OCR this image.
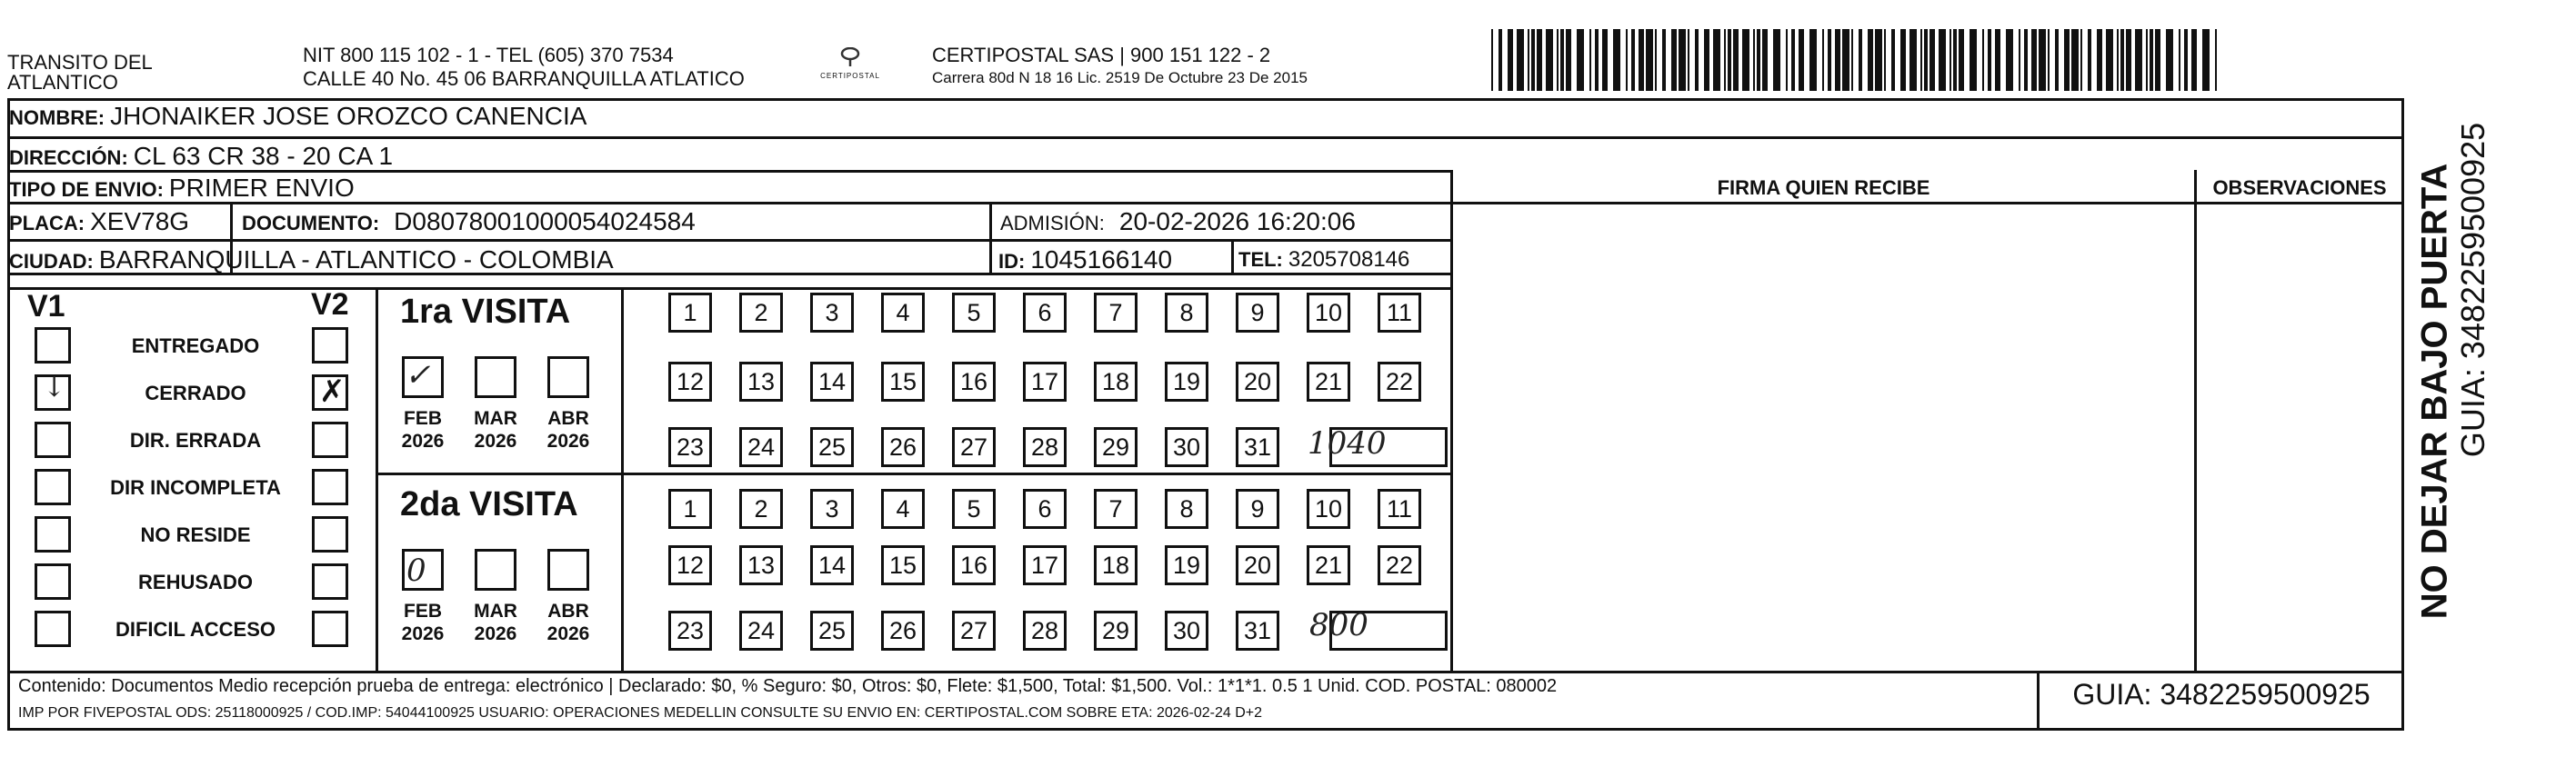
TRANSITO DEL ATLANTICO
NIT 800 115 102 - 1 - TEL (605) 370 7534
CALLE 40 No. 45 06 BARRANQUILLA ATLATICO	CERTIPOSTAL
CERTIPOSTAL SAS | 900 151 122 - 2
Carrera 80d N 18 16 Lic. 2519 De Octubre 23 De 2015
NOMBRE: JHONAIKER JOSE OROZCO CANENCIA
DIRECCIÓN: CL 63 CR 38 - 20 CA 1
TIPO DE ENVIO: PRIMER ENVIO
PLACA: XEV78G	DOCUMENTO: D080780010000540245​84	ADMISIÓN: 20-02-2026 16:20:06
CIUDAD: BARRANQUILLA - ATLANTICO - COLOMBIA	ID: 1045166140	TEL: 3205708146
FIRMA QUIEN RECIBE	OBSERVACIONES
V1	V2
ENTREGADO
↓	CERRADO	✗
DIR. ERRADA
DIR INCOMPLETA
NO RESIDE
REHUSADO
DIFICIL ACCESO
1ra VISITA
2da VISITA
FEB
2026
MAR
2026
ABR
2026
1	2	3	4	5	6	7	8	9	10	11
12	13	14	15	16	17	18	19	20	21	22
23	24	25	26	27	28	29	30	31
FEB
2026
MAR
2026
ABR
2026
1	2	3	4	5	6	7	8	9	10	11
12	13	14	15	16	17	18	19	20	21	22
23	24	25	26	27	28	29	30	31
✓
0
1040
800
Contenido: Documentos Medio recepción prueba de entrega: electrónico | Declarado: $0, % Seguro: $0, Otros: $0, Flete: $1,500, Total: $1,500. Vol.: 1*1*1. 0.5 1 Unid. COD. POSTAL: 080002
IMP POR FIVEPOSTAL ODS: 25118000925 / COD.IMP: 54044100925 USUARIO: OPERACIONES MEDELLIN CONSULTE SU ENVIO EN: CERTIPOSTAL.COM SOBRE ETA: 2026-02-24 D+2
GUIA: 3482259500925
NO DEJAR BAJO PUERTA GUIA: 3482259500925
